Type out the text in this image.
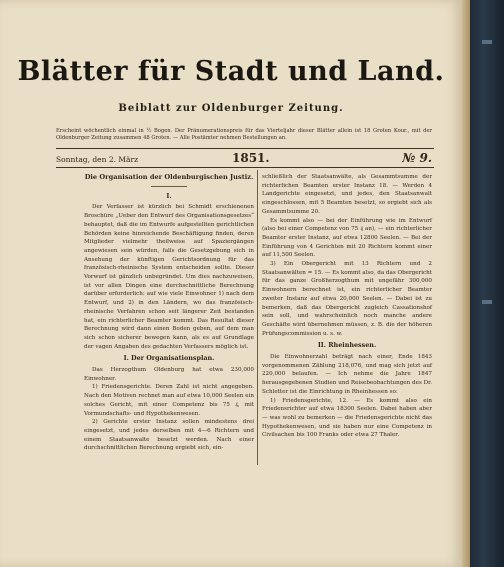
Blätter für Stadt und Land.
Beiblatt zur Oldenburger Zeitung.
Erscheint wöchentlich einmal in ½ Bogen. Der Pränumerationspreis für das Vierteljahr dieser Blätter allein ist 18 Groten Kour., mit der Oldenburger Zeitung zusammen 48 Groten. — Alle Postämter nehmen Bestellungen an.
Sonntag, den 2. März	1851.	№ 9.
Die Organisation der Oldenburgischen Justiz.
I.

Der Verfasser ist kürzlich bei Schmidt erschienenen Broschüre „Ueber den Entwurf des Organisationsgesetzes“ behauptet, daß die im Entwurfe aufgestellten gerichtlichen Behörden keine hinreichende Beschäftigung finden, deren Mitglieder vielmehr theilweise auf Spaziergängen angewiesen sein würden, falls die Gesetzgebung sich in Ansehung der künftigen Gerichtsordnung für das französisch-rheinische System entscheiden sollte. Dieser Vorwurf ist gänzlich unbegründet. Um dies nachzuweisen, ist vor allen Dingen eine durchschnittliche Berechnung darüber erforderlich: auf wie viele Einwohner 1) nach dem Entwurf, und 2) in den Ländern, wo das französisch-rheinische Verfahren schon seit längerer Zeit bestanden hat, ein richterlicher Beamter kommt. Das Resultat dieser Berechnung wird dann einen Boden geben, auf dem man sich schon sicherer bewegen kann, als es auf Grundlage der vagen Angaben des gedachten Verfassers möglich ist.

I. Der Organisationsplan.

Das Herzogthum Oldenburg hat etwa 230,000 Einwohner.

1) Friedensgerichte. Deren Zahl ist nicht angegeben. Nach den Motiven rechnet man auf etwa 10,000 Seelen ein solches Gericht, mit einer Competenz bis 75 ₰, mit Vormundschafts- und Hypothekenwesen.

2) Gerichte erster Instanz sollen mindestens drei eingesetzt, und jedes derselben mit 4—6 Richtern und einem Staatsanwalte besetzt werden. Nach einer durchschnittlichen Berechnung ergiebt sich, ein-

schließlich der Staatsanwälte, als Gesammtsumme der richterlichen Beamten erster Instanz 18. — Werden 4 Landgerichte eingesetzt, und jedes, den Staatsanwalt eingeschlossen, mit 5 Beamten besetzt, so ergiebt sich als Gesammtsumme 20.

Es kommt also — bei der Einführung wie im Entwurf (also bei einer Competenz von 75 ₰ an), — ein richterlicher Beamter erster Instanz, auf etwa 12800 Seelen. — Bei der Einführung von 4 Gerichten mit 20 Richtern kommt einer auf 11,500 Seelen.

3) Ein Obergericht mit 13 Richtern und 2 Staatsanwälten = 15. — Es kommt also, da das Obergericht für das ganze Großherzogthum mit ungefähr 300,000 Einwohnern berechnet ist, ein richterlicher Beamter zweiter Instanz auf etwa 20,000 Seelen. — Dabei ist zu bemerken, daß das Obergericht zugleich Cassationshof sein soll, und wahrscheinlich noch manche andere Geschäfte wird übernehmen müssen, z. B. die der höheren Prüfungscommission u. s. w.

II. Rheinhessen.

Die Einwohnerzahl beträgt nach einer, Ende 1843 vorgenommenen Zählung 218,076, und mag sich jetzt auf 220,000 belaufen. — Ich nehme die Jahre 1847 herausgegebenen Studien und Reisebeobachtungen des Dr. Schletter ist die Einrichtung in Rheinhessen so:

1) Friedensgerichte, 12. — Es kommt also ein Friedensrichter auf etwa 18300 Seelen. Dabei haben aber — was wohl zu bemerken — die Friedensgerichte nicht das Hypothekenwesen, und sie haben nur eine Competenz in Civilsachen bis 100 Franks oder etwa 27 Thaler.
